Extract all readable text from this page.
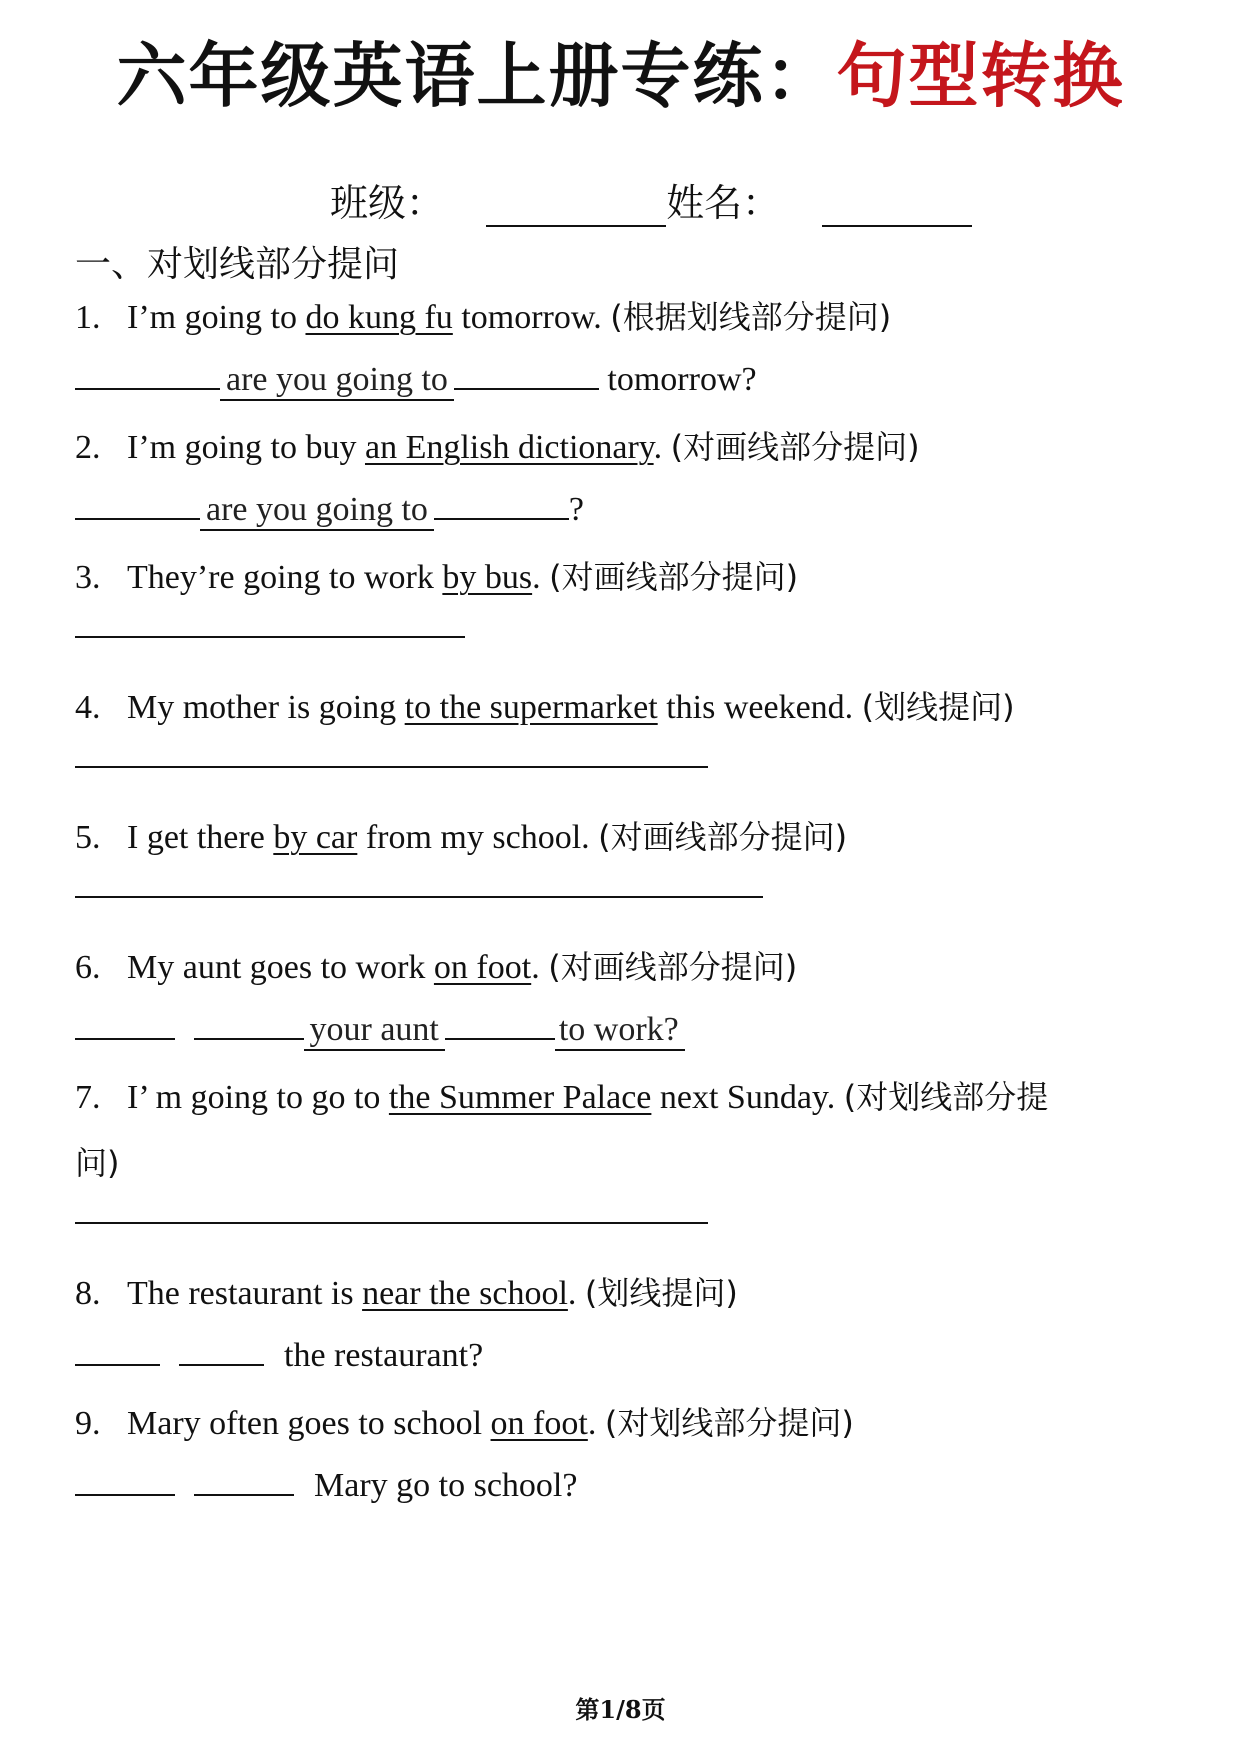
六年级英语上册专练：句型转换
班级：	姓名：
一、对划线部分提问
1. I’m going to do kung fu tomorrow. (根据划线部分提问)
are you going to	tomorrow?
2. I’m going to buy an English dictionary. (对画线部分提问)
are you going to	?
3. They’re going to work by bus. (对画线部分提问)
4. My mother is going to the supermarket this weekend. (划线提问)
5. I get there by car from my school. (对画线部分提问)
6. My aunt goes to work on foot. (对画线部分提问)
your aunt	to work?
7. I’ m going to go to the Summer Palace next Sunday. (对划线部分提
问)
8. The restaurant is near the school. (划线提问)
the restaurant?
9. Mary often goes to school on foot. (对划线部分提问)
Mary go to school?
第1/8页
